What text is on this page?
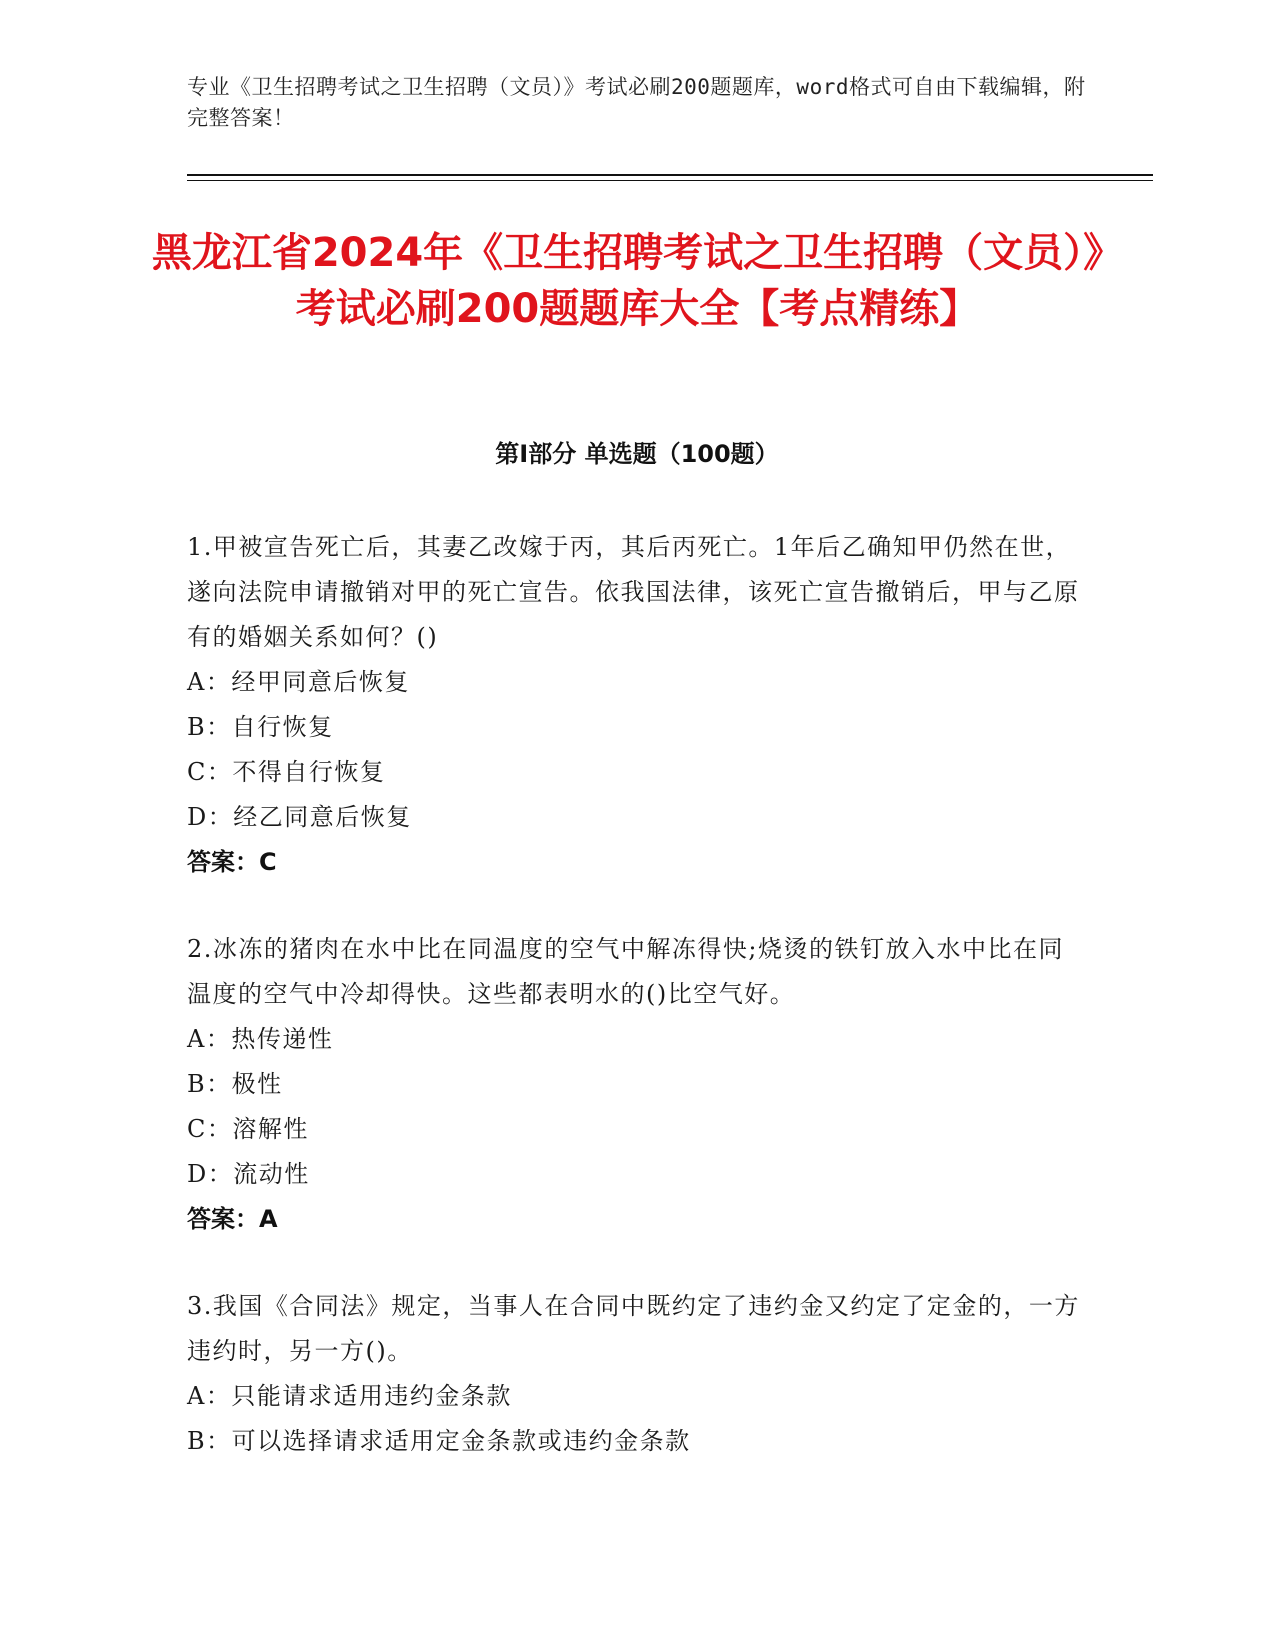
专业《卫生招聘考试之卫生招聘（文员）》考试必刷200题题库，word格式可自由下载编辑，附完整答案！
黑龙江省2024年《卫生招聘考试之卫生招聘（文员）》考试必刷200题题库大全【考点精练】
第Ⅰ部分 单选题（100题）

1.甲被宣告死亡后，其妻乙改嫁于丙，其后丙死亡。1年后乙确知甲仍然在世，遂向法院申请撤销对甲的死亡宣告。依我国法律，该死亡宣告撤销后，甲与乙原有的婚姻关系如何？()

A：经甲同意后恢复

B：自行恢复

C：不得自行恢复

D：经乙同意后恢复

答案：C

2.冰冻的猪肉在水中比在同温度的空气中解冻得快;烧烫的铁钉放入水中比在同温度的空气中冷却得快。这些都表明水的()比空气好。

A：热传递性

B：极性

C：溶解性

D：流动性

答案：A

3.我国《合同法》规定，当事人在合同中既约定了违约金又约定了定金的，一方违约时，另一方()。

A：只能请求适用违约金条款

B：可以选择请求适用定金条款或违约金条款
